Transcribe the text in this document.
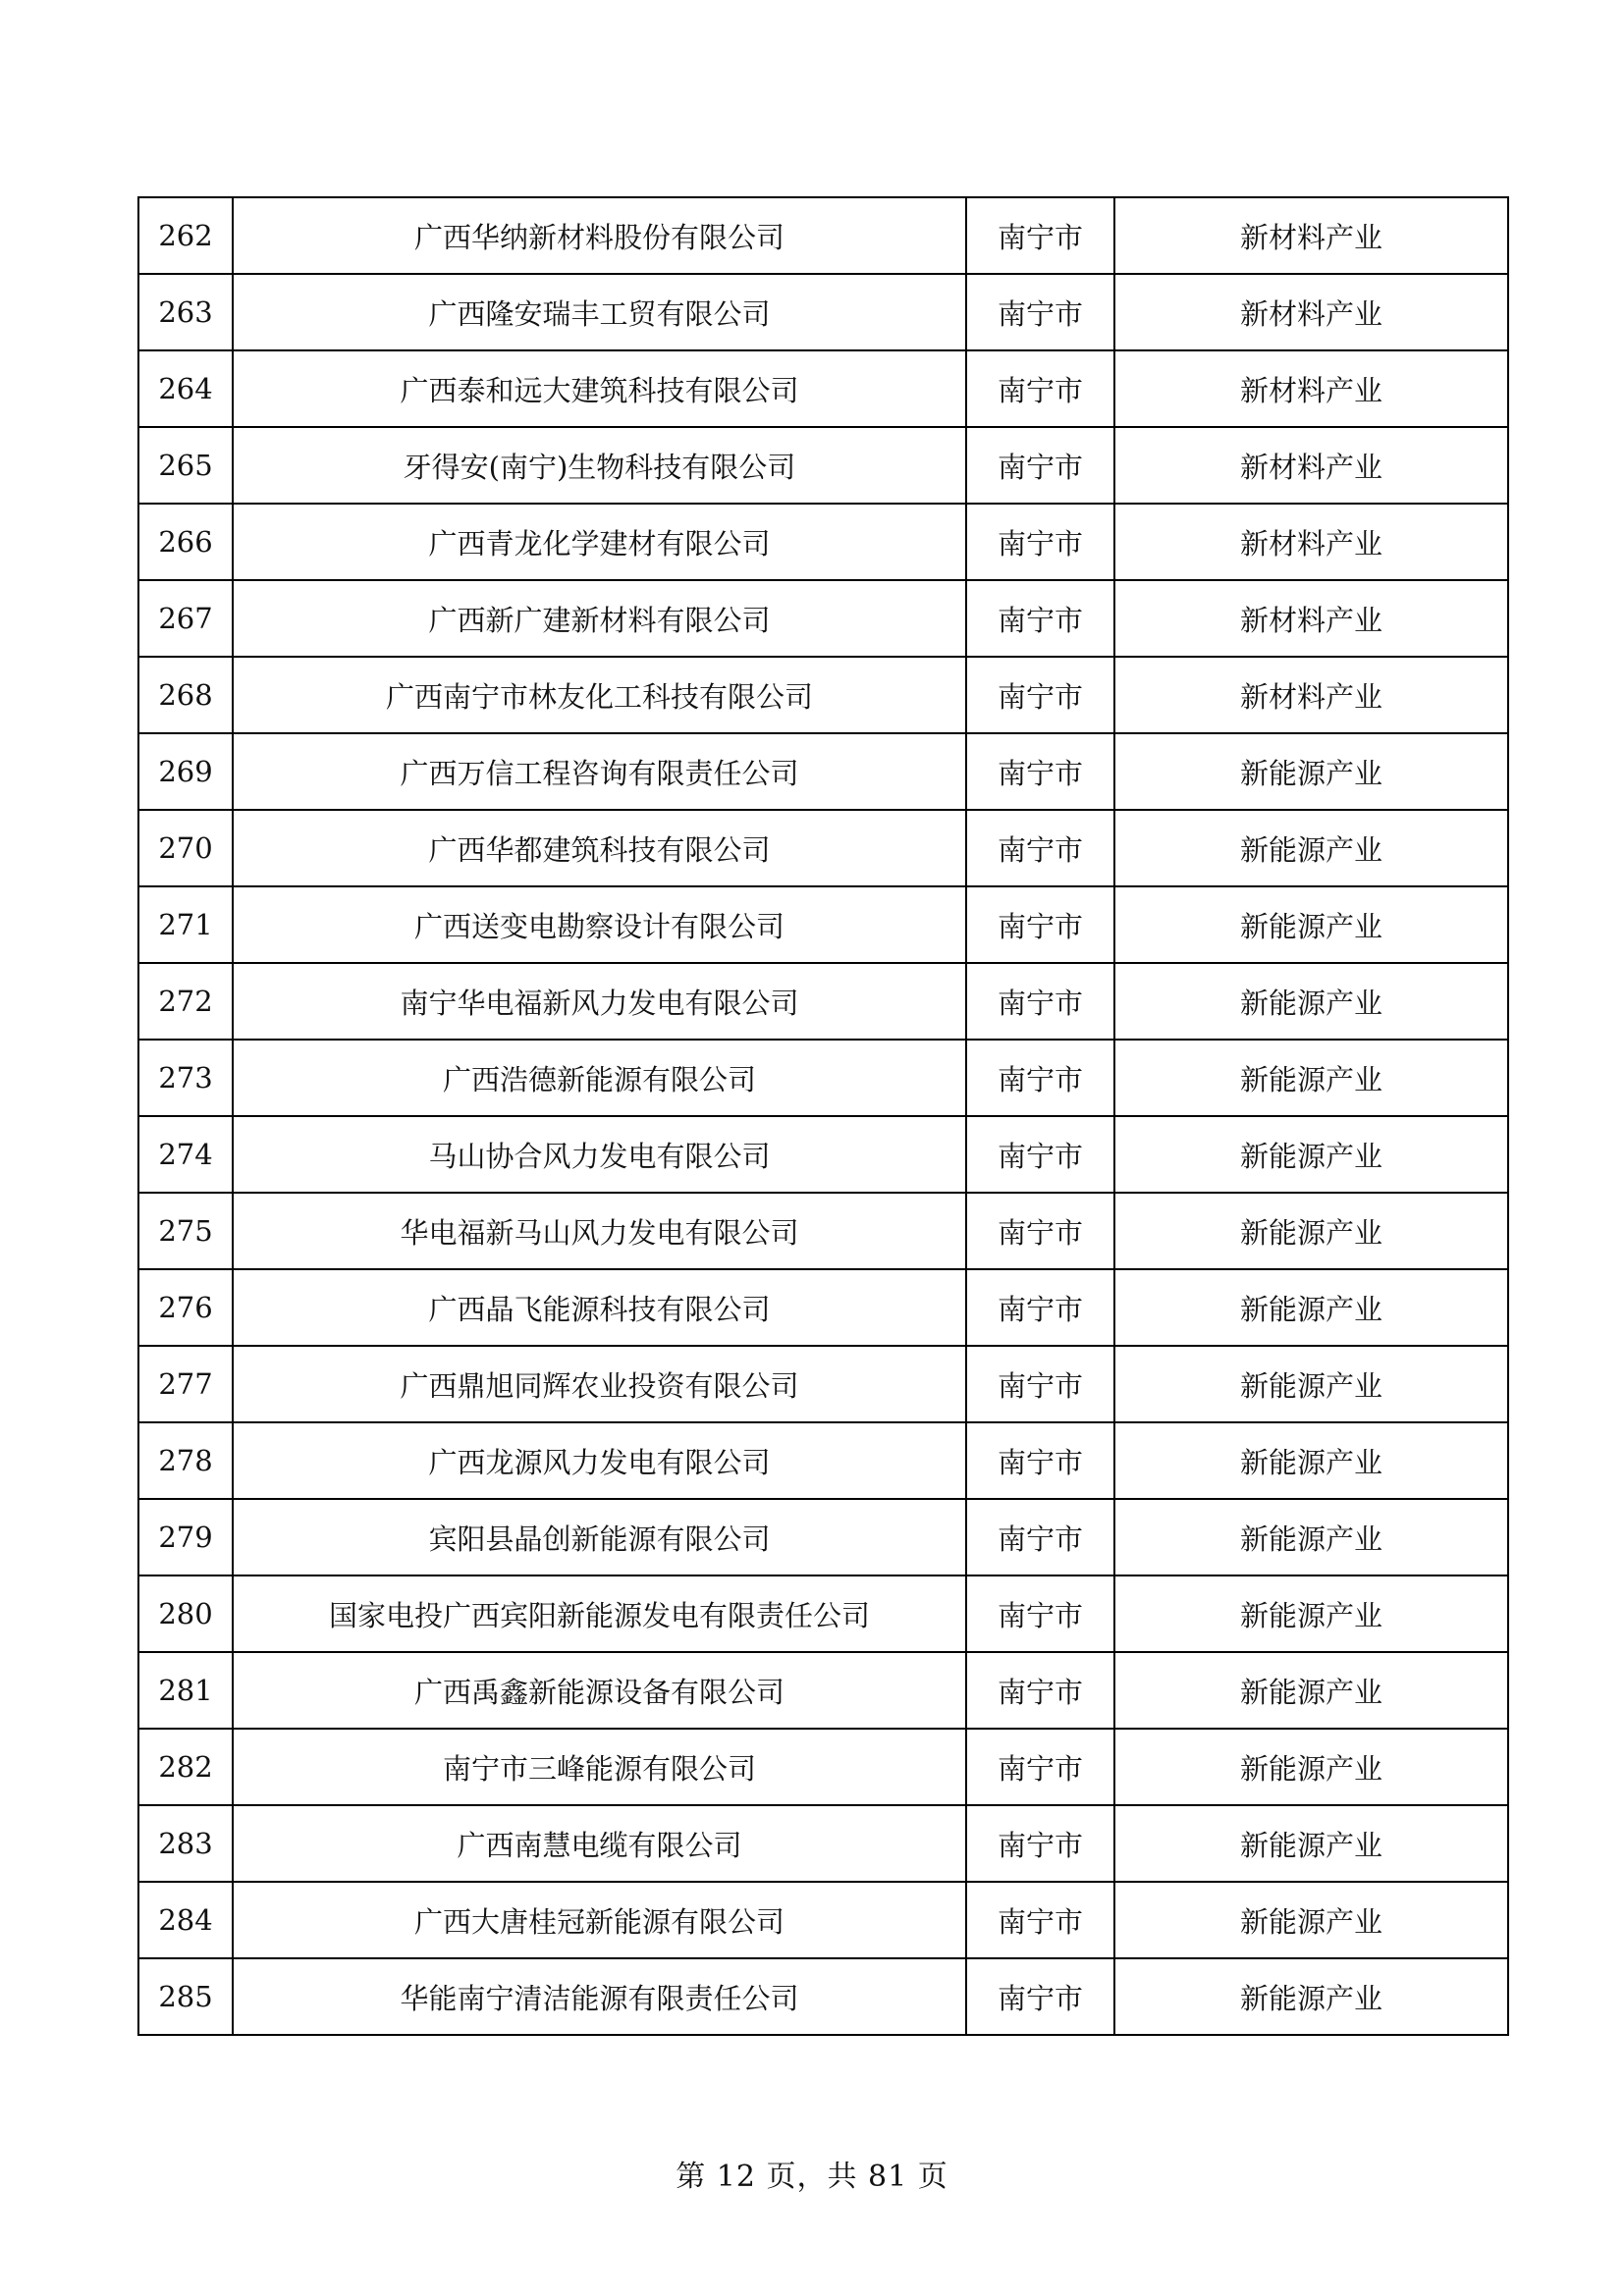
262	广西华纳新材料股份有限公司	南宁市	新材料产业
263	广西隆安瑞丰工贸有限公司	南宁市	新材料产业
264	广西泰和远大建筑科技有限公司	南宁市	新材料产业
265	牙得安(南宁)生物科技有限公司	南宁市	新材料产业
266	广西青龙化学建材有限公司	南宁市	新材料产业
267	广西新广建新材料有限公司	南宁市	新材料产业
268	广西南宁市林友化工科技有限公司	南宁市	新材料产业
269	广西万信工程咨询有限责任公司	南宁市	新能源产业
270	广西华都建筑科技有限公司	南宁市	新能源产业
271	广西送变电勘察设计有限公司	南宁市	新能源产业
272	南宁华电福新风力发电有限公司	南宁市	新能源产业
273	广西浩德新能源有限公司	南宁市	新能源产业
274	马山协合风力发电有限公司	南宁市	新能源产业
275	华电福新马山风力发电有限公司	南宁市	新能源产业
276	广西晶飞能源科技有限公司	南宁市	新能源产业
277	广西鼎旭同辉农业投资有限公司	南宁市	新能源产业
278	广西龙源风力发电有限公司	南宁市	新能源产业
279	宾阳县晶创新能源有限公司	南宁市	新能源产业
280	国家电投广西宾阳新能源发电有限责任公司	南宁市	新能源产业
281	广西禹鑫新能源设备有限公司	南宁市	新能源产业
282	南宁市三峰能源有限公司	南宁市	新能源产业
283	广西南慧电缆有限公司	南宁市	新能源产业
284	广西大唐桂冠新能源有限公司	南宁市	新能源产业
285	华能南宁清洁能源有限责任公司	南宁市	新能源产业
第 12 页，共 81 页
